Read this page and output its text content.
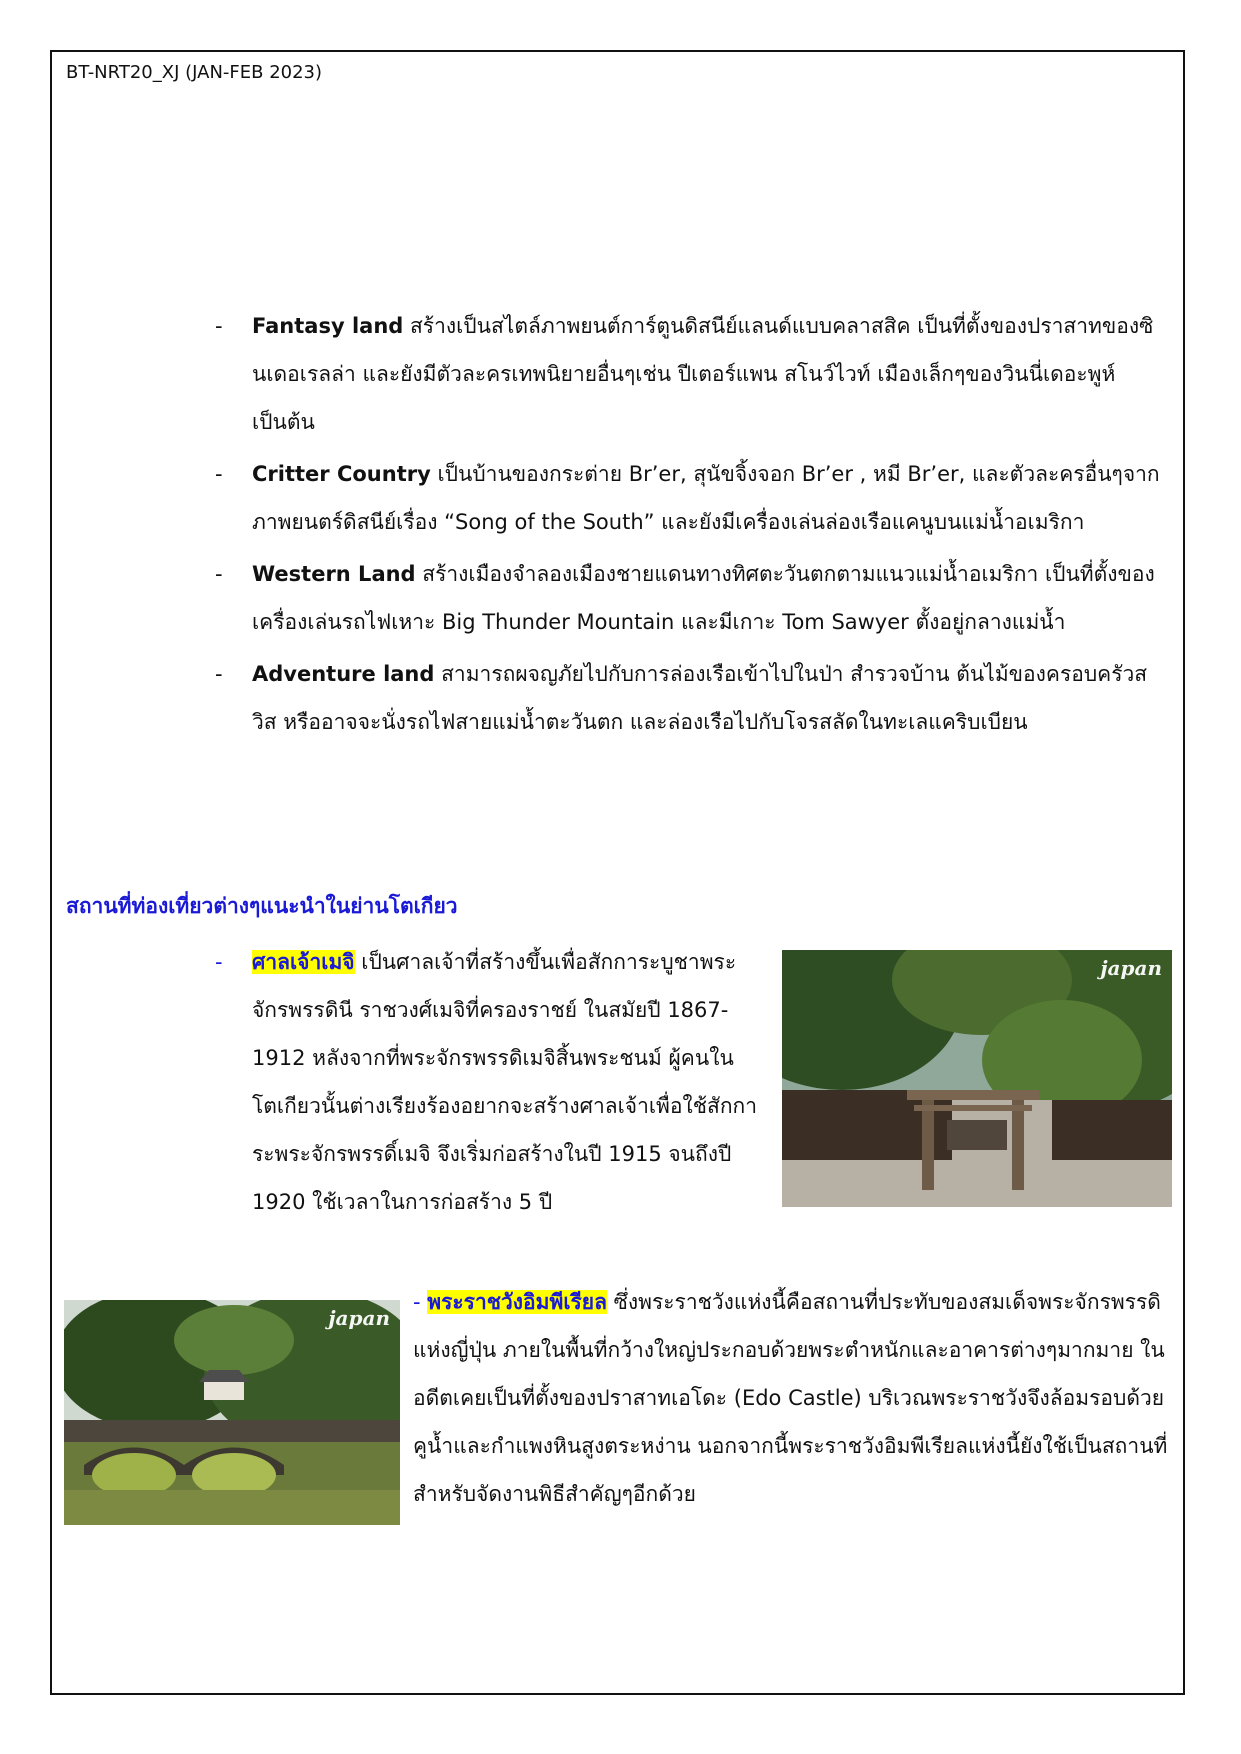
BT-NRT20_XJ (JAN-FEB 2023)
- Fantasy land สร้างเป็นสไตล์ภาพยนต์การ์ตูนดิสนีย์แลนด์แบบคลาสสิค เป็นที่ตั้งของปราสาทของซินเดอเรลล่า และยังมีตัวละครเทพนิยายอื่นๆเช่น ปีเตอร์แพน สโนว์ไวท์ เมืองเล็กๆของวินนี่เดอะพูห์ เป็นต้น
- Critter Country เป็นบ้านของกระต่าย Br’er, สุนัขจิ้งจอก Br’er , หมี Br’er, และตัวละครอื่นๆจากภาพยนตร์ดิสนีย์เรื่อง “Song of the South” และยังมีเครื่องเล่นล่องเรือแคนูบนแม่น้ำอเมริกา
- Western Land สร้างเมืองจำลองเมืองชายแดนทางทิศตะวันตกตามแนวแม่น้ำอเมริกา เป็นที่ตั้งของเครื่องเล่นรถไฟเหาะ Big Thunder Mountain และมีเกาะ Tom Sawyer ตั้งอยู่กลางแม่น้ำ
- Adventure land สามารถผจญภัยไปกับการล่องเรือเข้าไปในป่า สำรวจบ้าน ต้นไม้ของครอบครัวสวิส หรืออาจจะนั่งรถไฟสายแม่น้ำตะวันตก และล่องเรือไปกับโจรสลัดในทะเลแคริบเบียน
สถานที่ท่องเที่ยวต่างๆแนะนำในย่านโตเกียว
- ศาลเจ้าเมจิ เป็นศาลเจ้าที่สร้างขึ้นเพื่อสักการะบูชาพระจักรพรรดินี ราชวงศ์เมจิที่ครองราชย์ ในสมัยปี 1867-1912 หลังจากที่พระจักรพรรดิเมจิสิ้นพระชนม์ ผู้คนในโตเกียวนั้นต่างเรียงร้องอยากจะสร้างศาลเจ้าเพื่อใช้สักการะพระจักรพรรดิ์เมจิ จึงเริ่มก่อสร้างในปี 1915 จนถึงปี 1920 ใช้เวลาในการก่อสร้าง 5 ปี
japan
japan
- พระราชวังอิมพีเรียล ซึ่งพระราชวังแห่งนี้คือสถานที่ประทับของสมเด็จพระจักรพรรดิแห่งญี่ปุ่น ภายในพื้นที่กว้างใหญ่ประกอบด้วยพระตำหนักและอาคารต่างๆมากมาย ในอดีตเคยเป็นที่ตั้งของปราสาทเอโดะ (Edo Castle) บริเวณพระราชวังจึงล้อมรอบด้วยคูน้ำและกำแพงหินสูงตระหง่าน นอกจากนี้พระราชวังอิมพีเรียลแห่งนี้ยังใช้เป็นสถานที่สำหรับจัดงานพิธีสำคัญๆอีกด้วย
